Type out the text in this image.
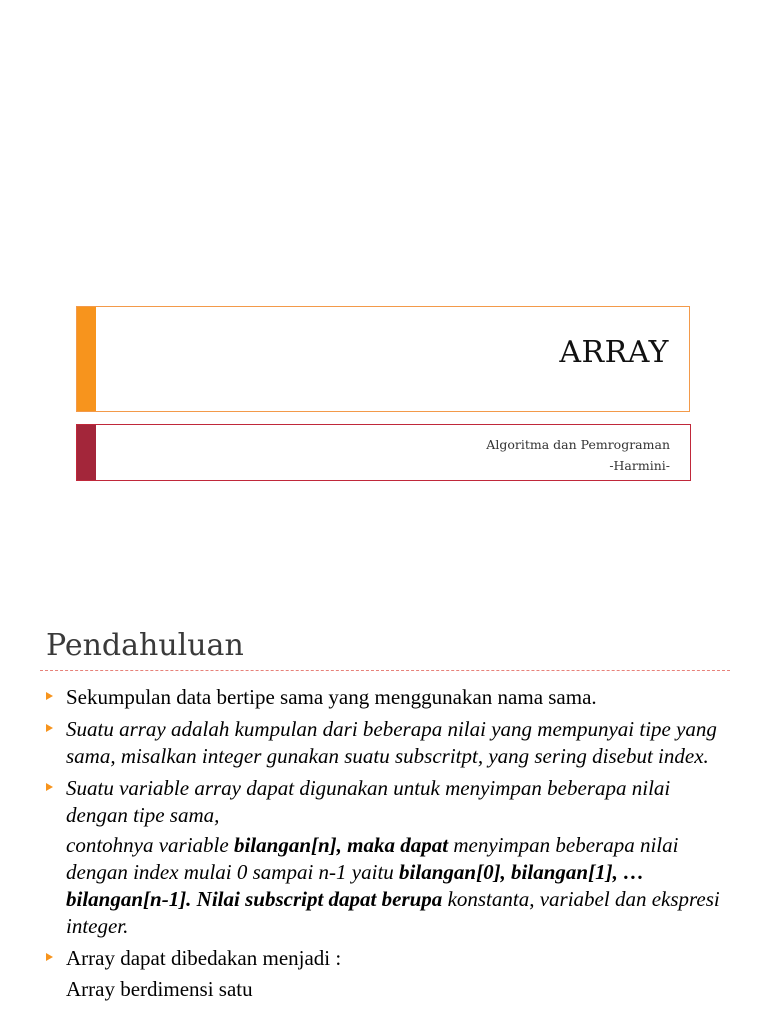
ARRAY
Algoritma dan Pemrograman
-Harmini-
Pendahuluan
Sekumpulan data bertipe sama yang menggunakan nama sama.
Suatu array adalah kumpulan dari beberapa nilai yang mempunyai tipe yang sama, misalkan integer gunakan suatu subscritpt, yang sering disebut index.
Suatu variable array dapat digunakan untuk menyimpan beberapa nilai dengan tipe sama,
contohnya variable bilangan[n], maka dapat menyimpan beberapa nilai dengan index mulai 0 sampai n-1 yaitu bilangan[0], bilangan[1], … bilangan[n-1]. Nilai subscript dapat berupa konstanta, variabel dan ekspresi integer.
Array dapat dibedakan menjadi :
Array berdimensi satu
